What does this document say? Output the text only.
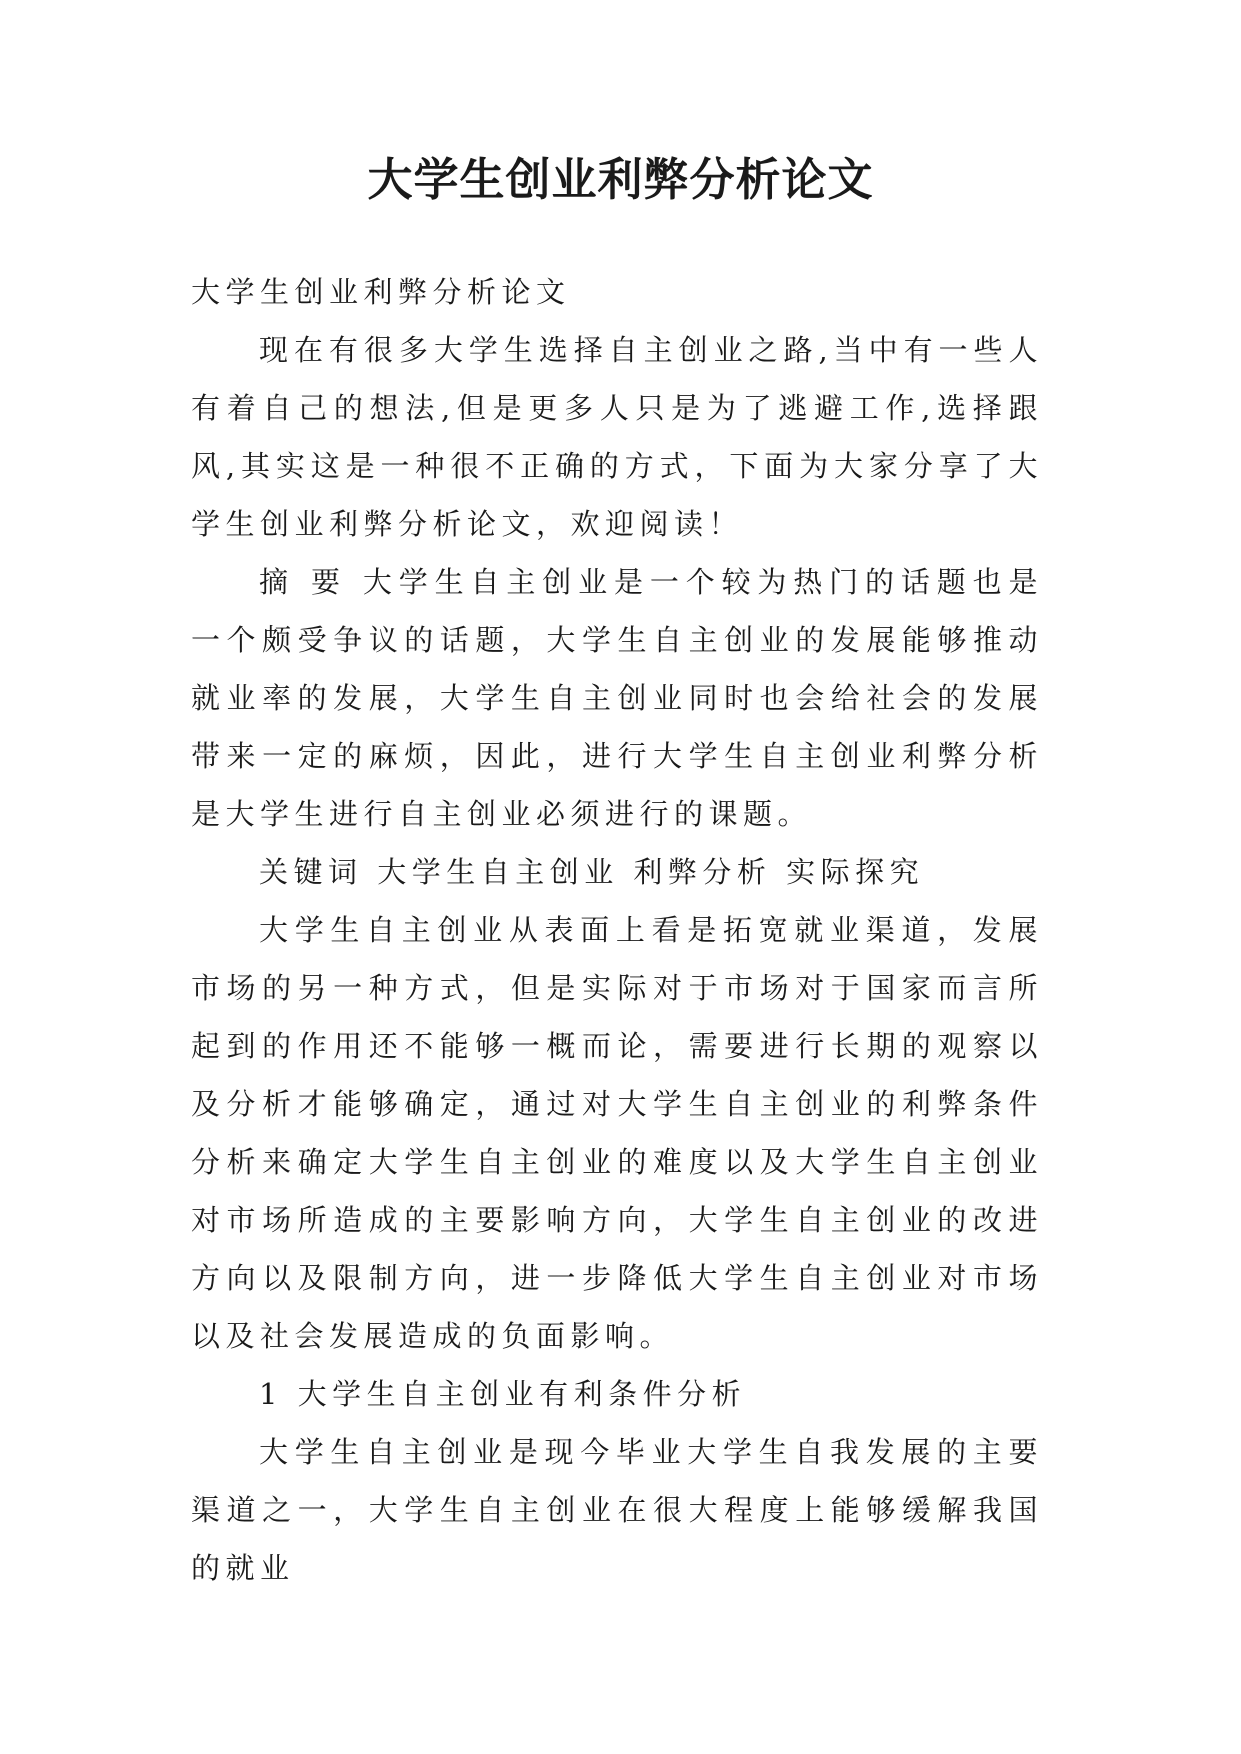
大学生创业利弊分析论文

大学生创业利弊分析论文

现在有很多大学生选择自主创业之路,当中有一些人有着自己的想法,但是更多人只是为了逃避工作,选择跟风,其实这是一种很不正确的方式，下面为大家分享了大学生创业利弊分析论文，欢迎阅读！

摘 要 大学生自主创业是一个较为热门的话题也是一个颇受争议的话题，大学生自主创业的发展能够推动就业率的发展，大学生自主创业同时也会给社会的发展带来一定的麻烦，因此，进行大学生自主创业利弊分析是大学生进行自主创业必须进行的课题。

关键词 大学生自主创业 利弊分析 实际探究

大学生自主创业从表面上看是拓宽就业渠道，发展市场的另一种方式，但是实际对于市场对于国家而言所起到的作用还不能够一概而论，需要进行长期的观察以及分析才能够确定，通过对大学生自主创业的利弊条件分析来确定大学生自主创业的难度以及大学生自主创业对市场所造成的主要影响方向，大学生自主创业的改进方向以及限制方向，进一步降低大学生自主创业对市场以及社会发展造成的负面影响。

1 大学生自主创业有利条件分析

大学生自主创业是现今毕业大学生自我发展的主要渠道之一，大学生自主创业在很大程度上能够缓解我国的就业
